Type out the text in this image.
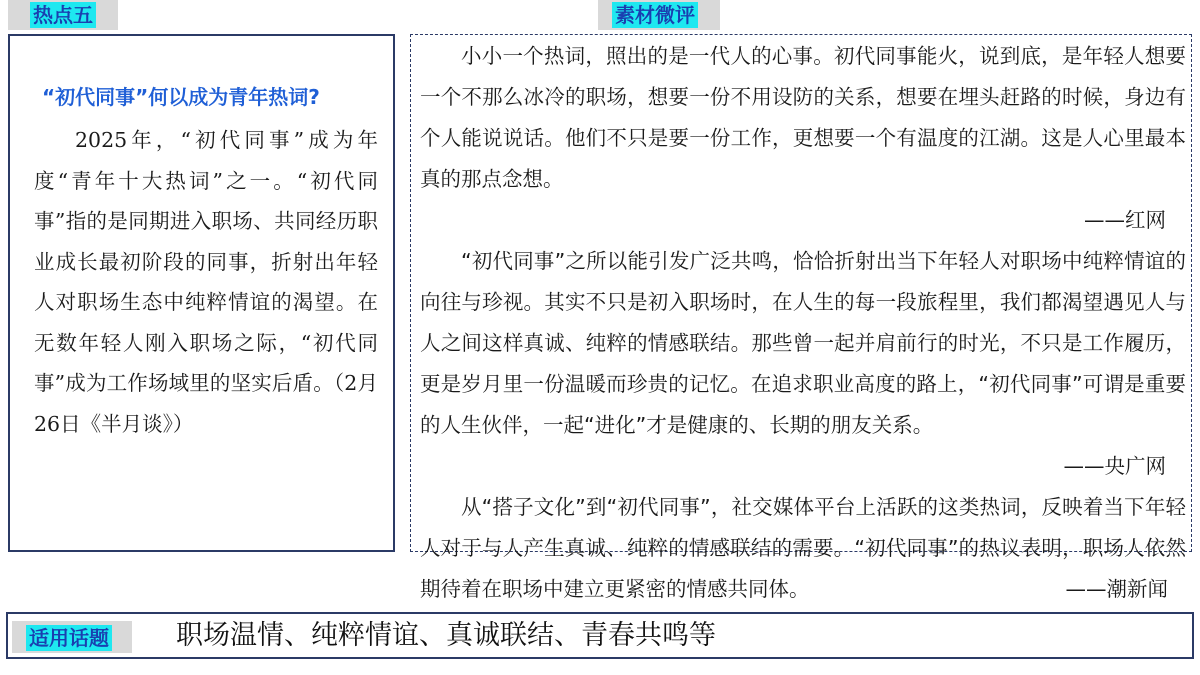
热点五	素材微评
“初代同事”何以成为青年热词?
2025年，“初代同事”成为年度“青年十大热词”之一。“初代同事”指的是同期进入职场、共同经历职业成长最初阶段的同事，折射出年轻人对职场生态中纯粹情谊的渴望。在无数年轻人刚入职场之际，“初代同事”成为工作场域里的坚实后盾。（2月26日《半月谈》）

小小一个热词，照出的是一代人的心事。初代同事能火，说到底，是年轻人想要一个不那么冰冷的职场，想要一份不用设防的关系，想要在埋头赶路的时候，身边有个人能说说话。他们不只是要一份工作，更想要一个有温度的江湖。这是人心里最本真的那点念想。

——红网

“初代同事”之所以能引发广泛共鸣，恰恰折射出当下年轻人对职场中纯粹情谊的向往与珍视。其实不只是初入职场时，在人生的每一段旅程里，我们都渴望遇见人与人之间这样真诚、纯粹的情感联结。那些曾一起并肩前行的时光，不只是工作履历，更是岁月里一份温暖而珍贵的记忆。在追求职业高度的路上，“初代同事”可谓是重要的人生伙伴，一起“进化”才是健康的、长期的朋友关系。

——央广网

从“搭子文化”到“初代同事”，社交媒体平台上活跃的这类热词，反映着当下年轻人对于与人产生真诚、纯粹的情感联结的需要。“初代同事”的热议表明，职场人依然期待着在职场中建立更紧密的情感共同体。	——潮新闻

适用话题 职场温情、纯粹情谊、真诚联结、青春共鸣等
